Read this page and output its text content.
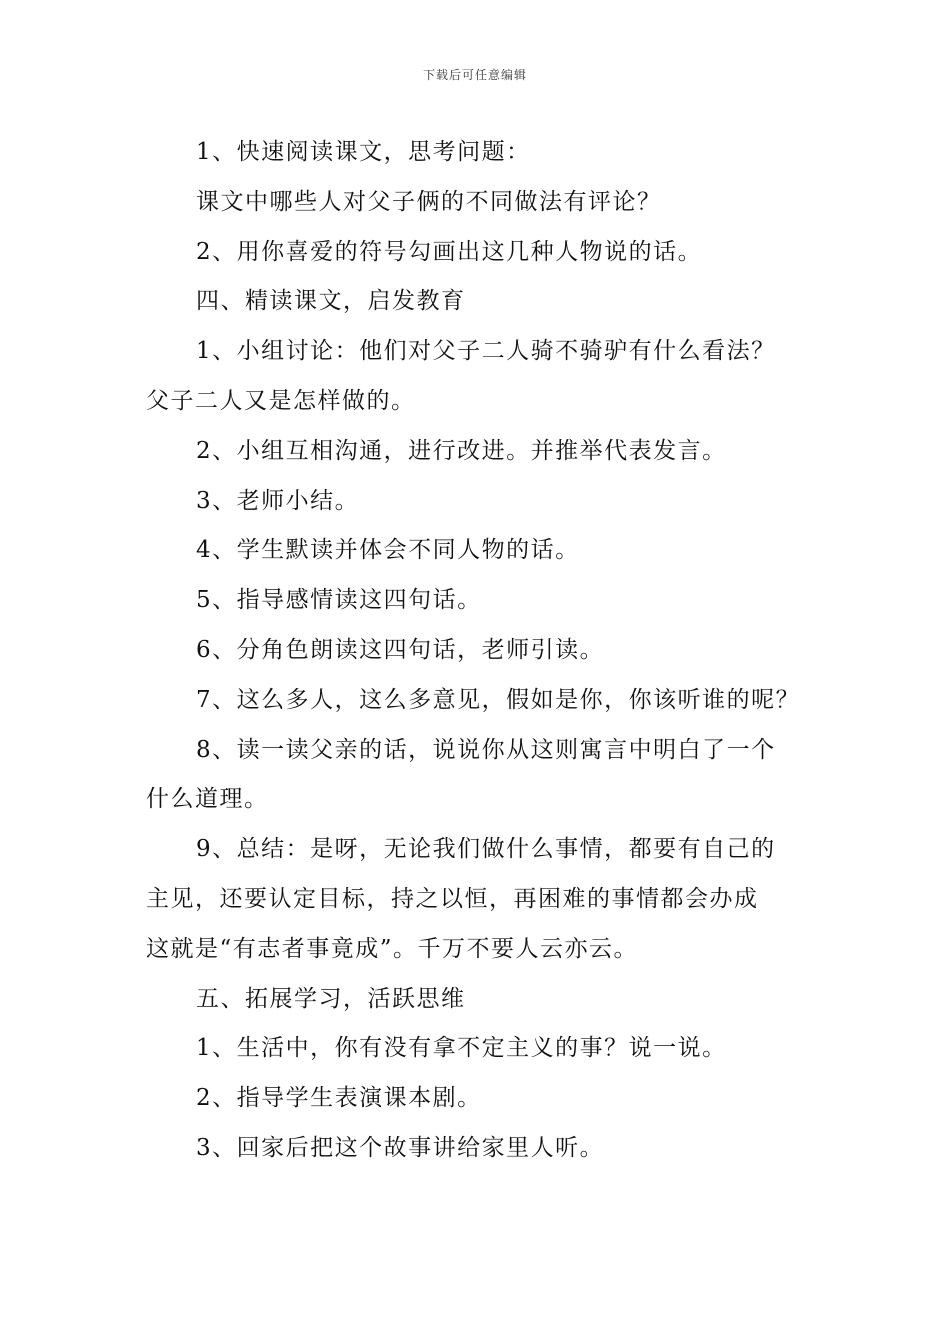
下载后可任意编辑
1、快速阅读课文，思考问题：
课文中哪些人对父子俩的不同做法有评论？
2、用你喜爱的符号勾画出这几种人物说的话。
四、精读课文，启发教育
1、小组讨论：他们对父子二人骑不骑驴有什么看法？
父子二人又是怎样做的。
2、小组互相沟通，进行改进。并推举代表发言。
3、老师小结。
4、学生默读并体会不同人物的话。
5、指导感情读这四句话。
6、分角色朗读这四句话，老师引读。
7、这么多人，这么多意见，假如是你，你该听谁的呢？
8、读一读父亲的话，说说你从这则寓言中明白了一个
什么道理。
9、总结：是呀，无论我们做什么事情，都要有自己的
主见，还要认定目标，持之以恒，再困难的事情都会办成
这就是“有志者事竟成”。千万不要人云亦云。
五、拓展学习，活跃思维
1、生活中，你有没有拿不定主义的事？说一说。
2、指导学生表演课本剧。
3、回家后把这个故事讲给家里人听。
